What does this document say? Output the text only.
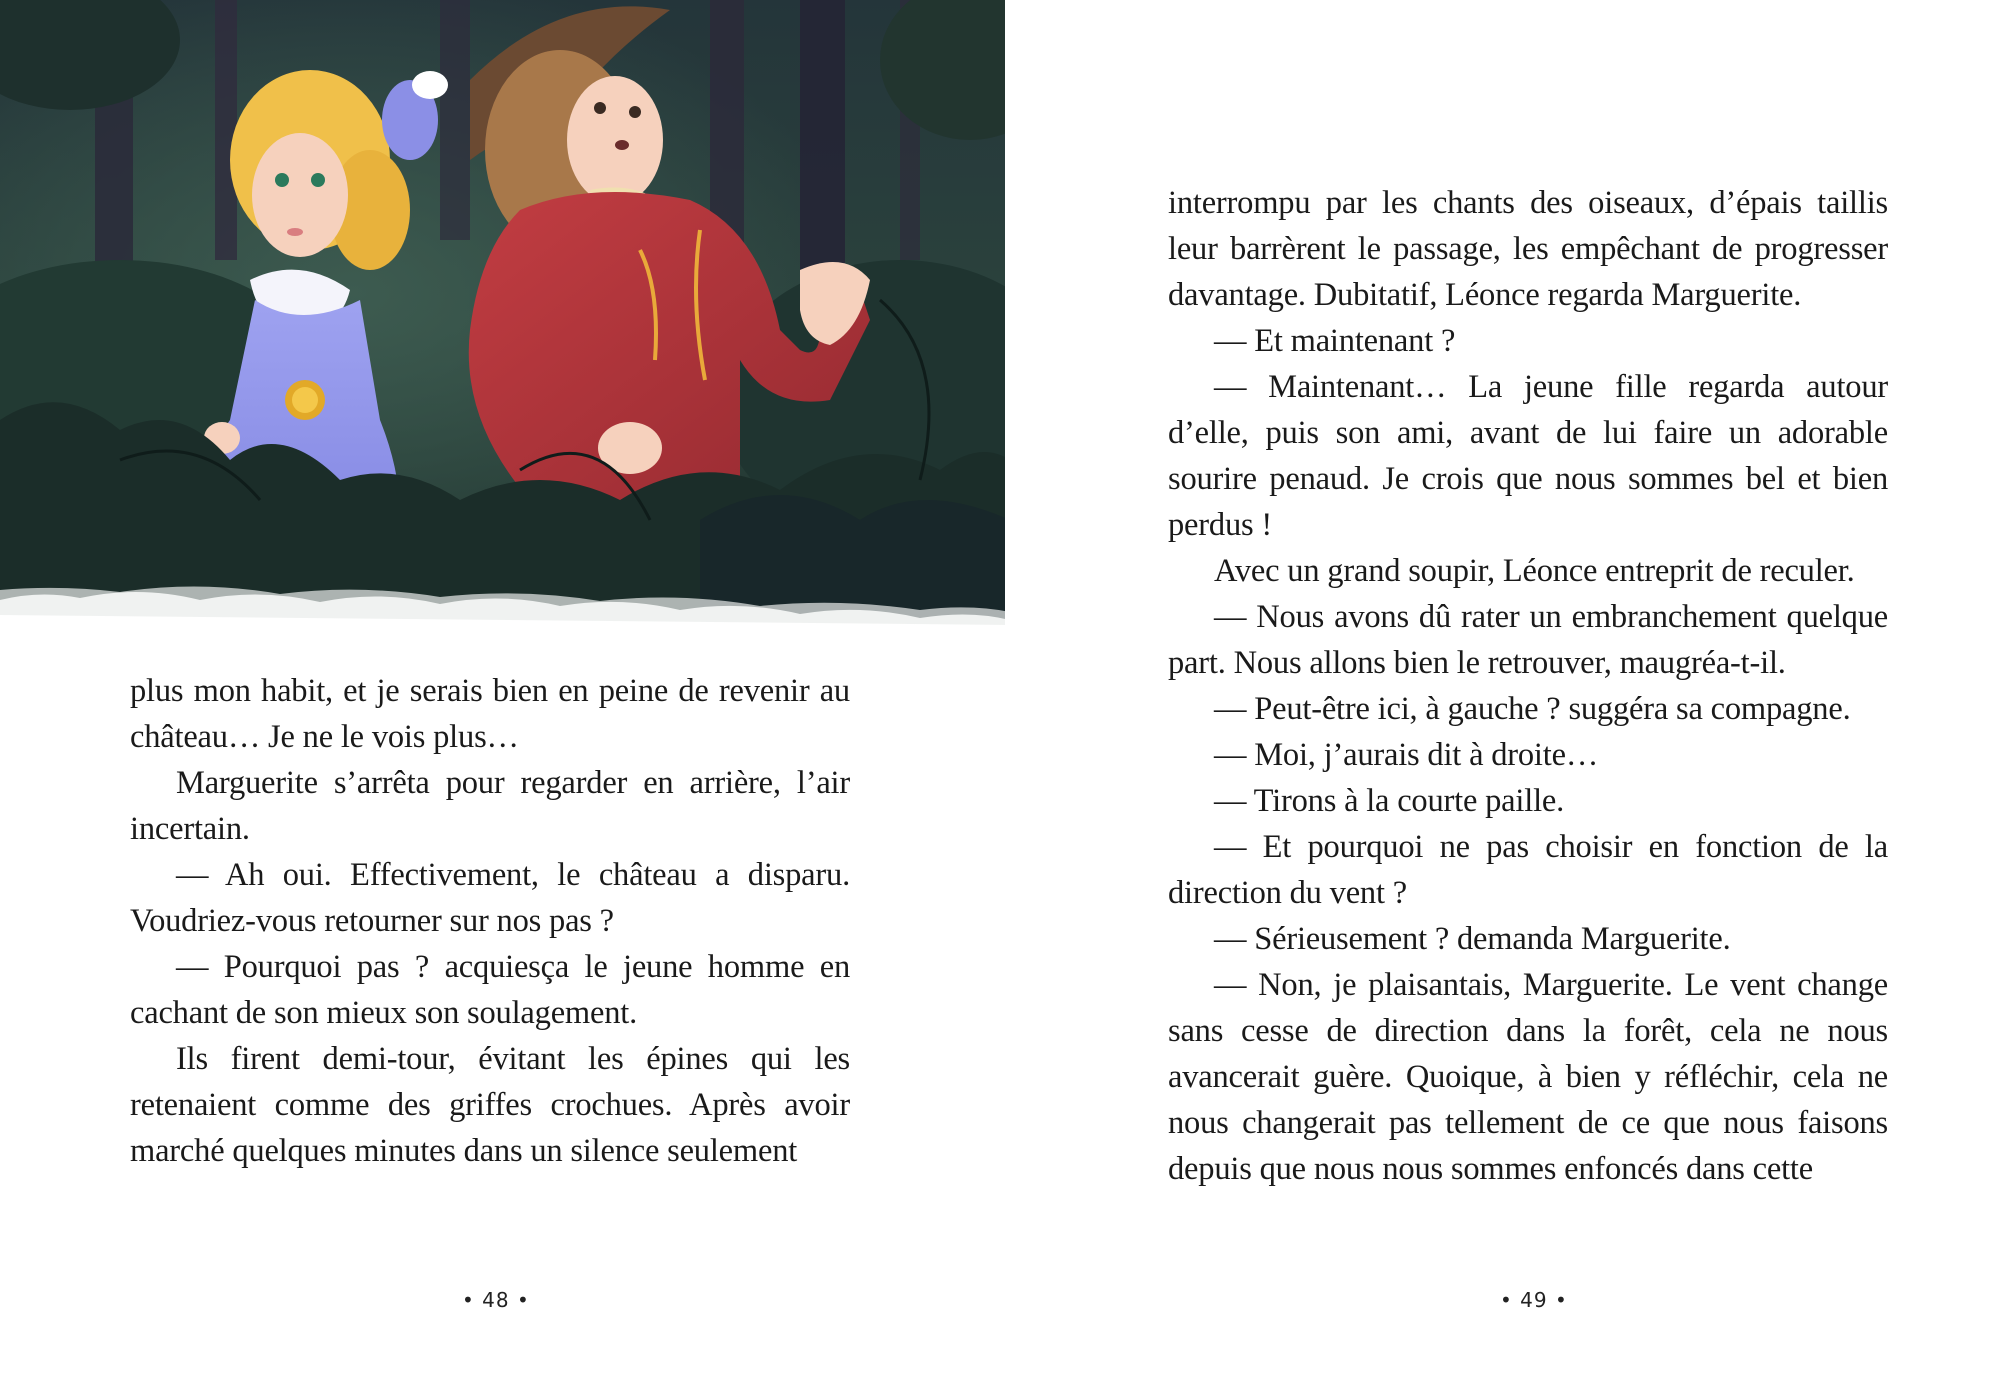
plus mon habit, et je serais bien en peine de revenir au château… Je ne le vois plus…

Marguerite s’arrêta pour regarder en arrière, l’air incertain.

— Ah oui. Effectivement, le château a disparu. Voudriez-vous retourner sur nos pas ?

— Pourquoi pas ? acquiesça le jeune homme en cachant de son mieux son soulagement.

Ils firent demi-tour, évitant les épines qui les retenaient comme des griffes crochues. Après avoir marché quelques minutes dans un silence seulement

• 48 •

interrompu par les chants des oiseaux, d’épais taillis leur barrèrent le passage, les empêchant de progresser davantage. Dubitatif, Léonce regarda Marguerite.

— Et maintenant ?

— Maintenant… La jeune fille regarda autour d’elle, puis son ami, avant de lui faire un adorable sourire penaud. Je crois que nous sommes bel et bien perdus !

Avec un grand soupir, Léonce entreprit de reculer.

— Nous avons dû rater un embranchement quelque part. Nous allons bien le retrouver, maugréa-t-il.

— Peut-être ici, à gauche ? suggéra sa compagne.

— Moi, j’aurais dit à droite…

— Tirons à la courte paille.

— Et pourquoi ne pas choisir en fonction de la direction du vent ?

— Sérieusement ? demanda Marguerite.

— Non, je plaisantais, Marguerite. Le vent change sans cesse de direction dans la forêt, cela ne nous avancerait guère. Quoique, à bien y réfléchir, cela ne nous changerait pas tellement de ce que nous faisons depuis que nous nous sommes enfoncés dans cette

• 49 •
